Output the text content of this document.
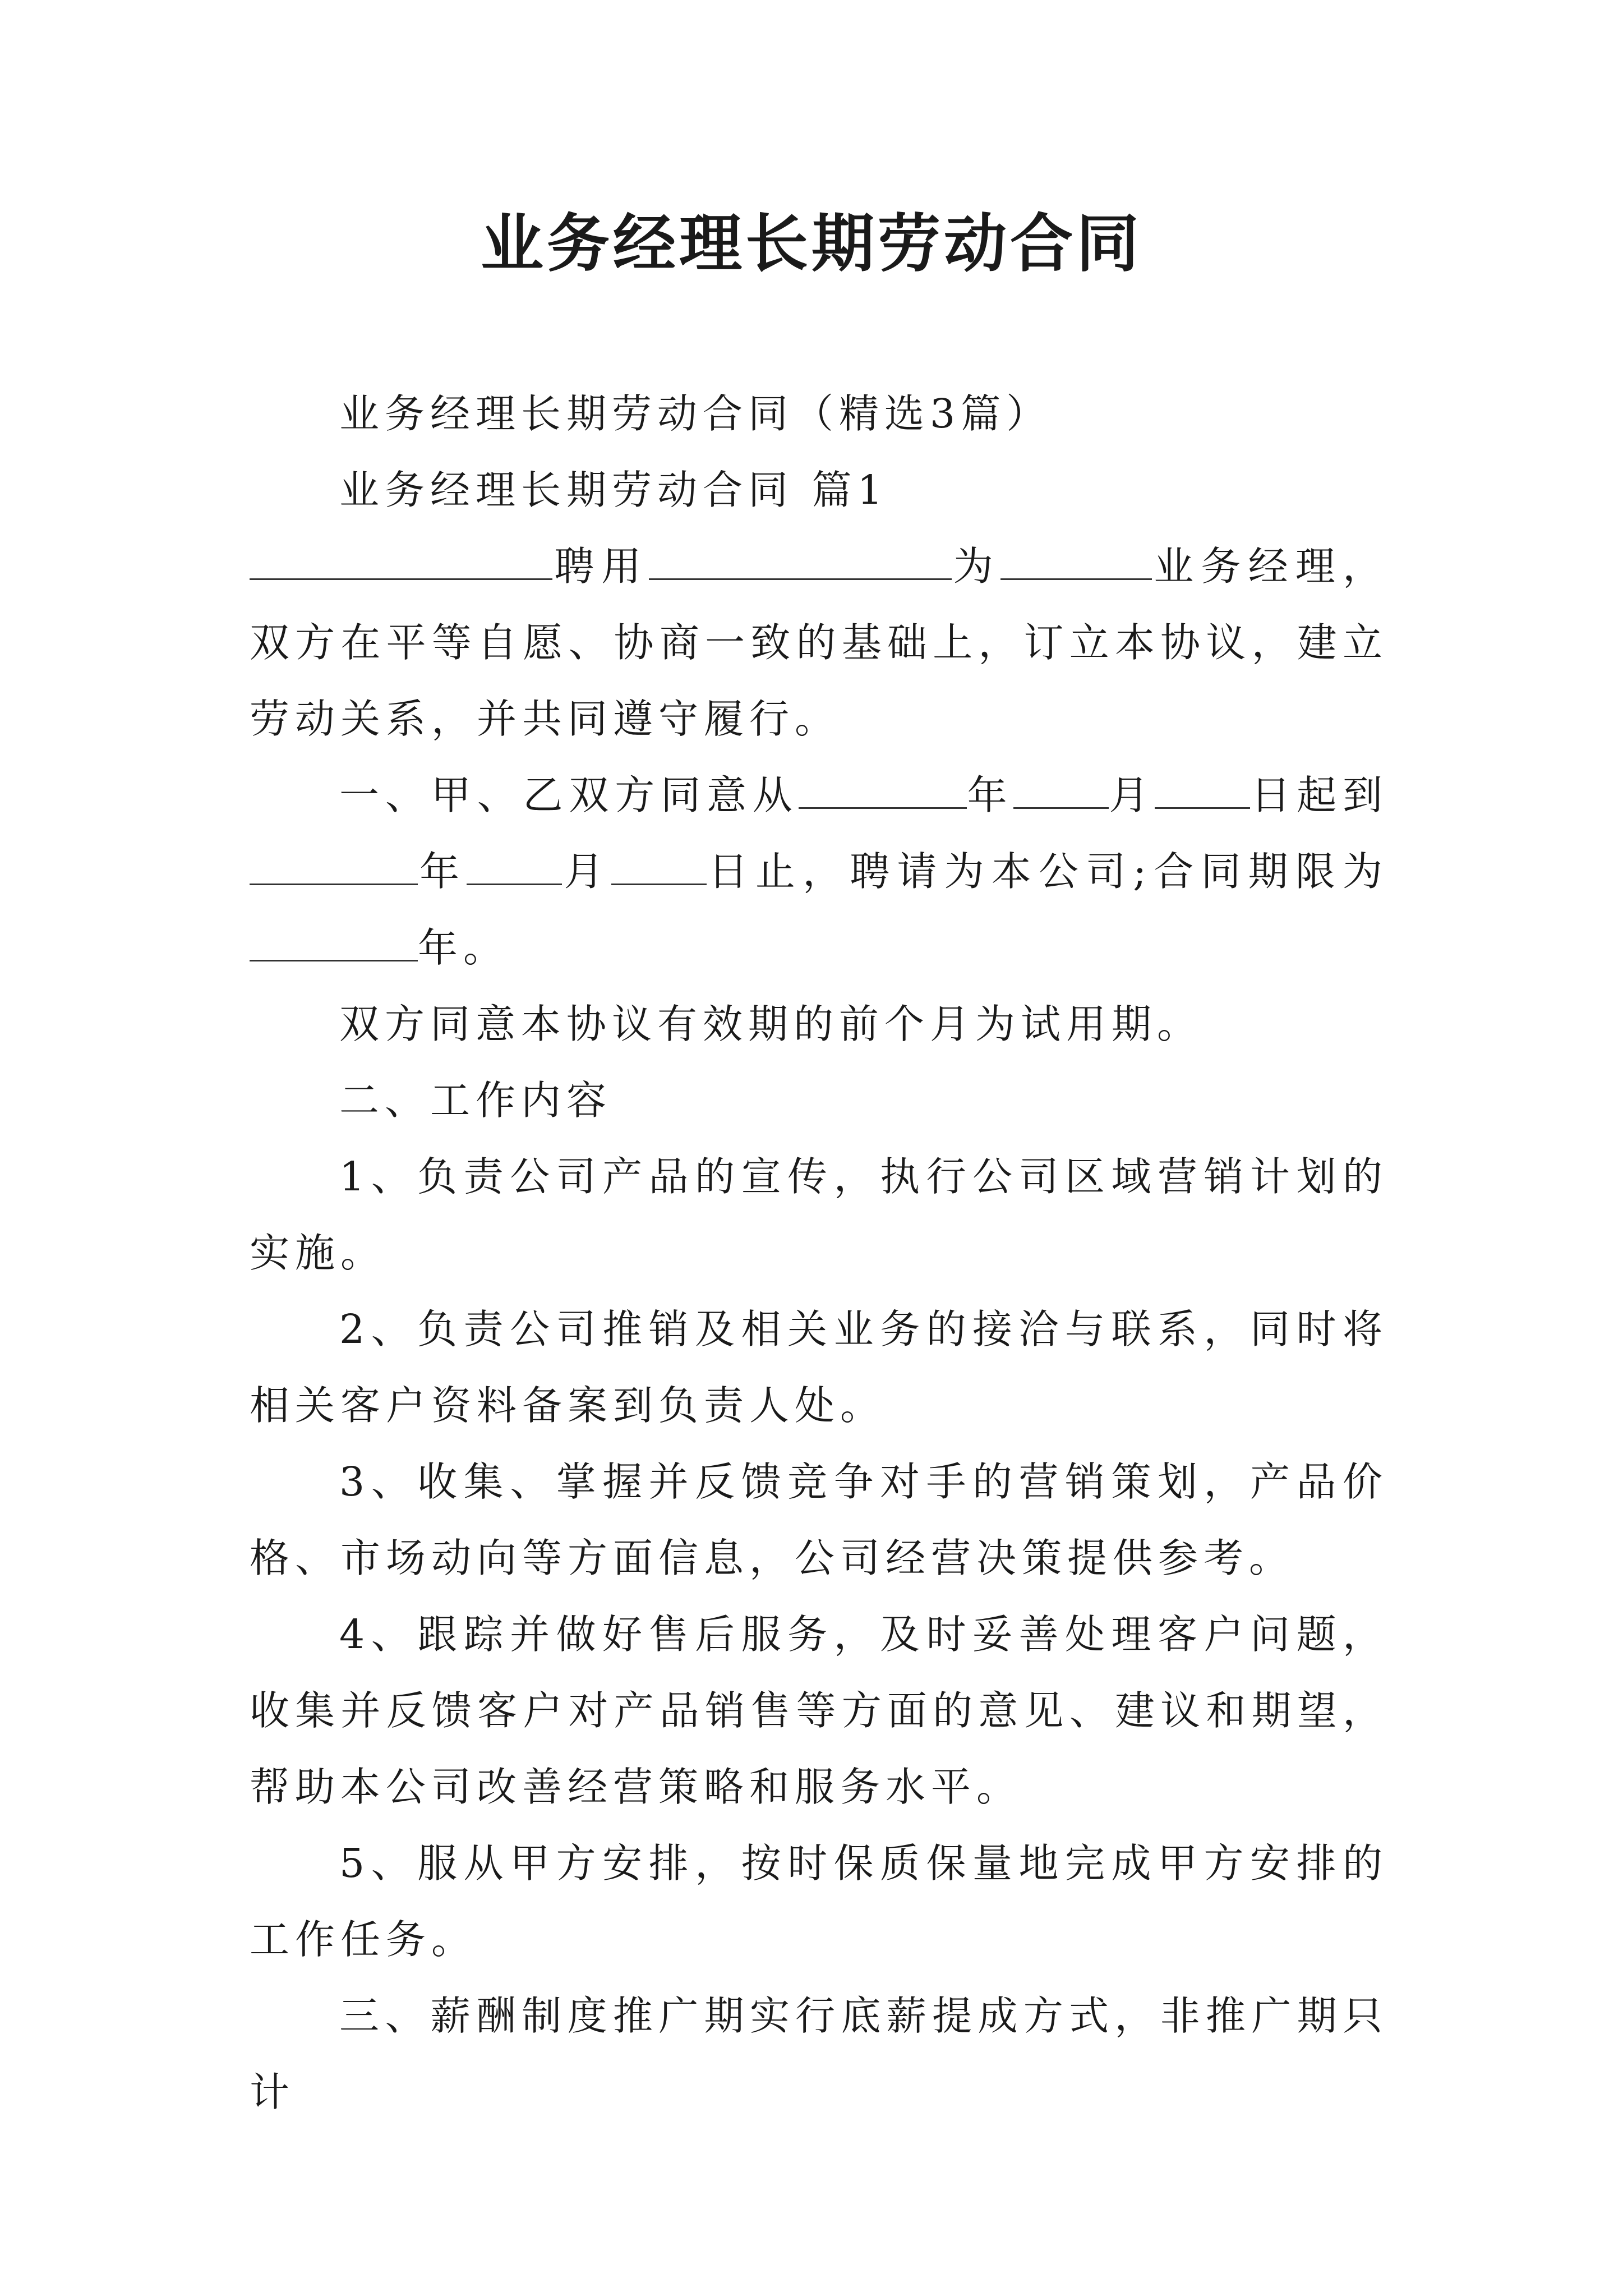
业务经理长期劳动合同

业务经理长期劳动合同（精选3篇）

业务经理长期劳动合同 篇1

聘用	为	业务经理，双方在平等自愿、协商一致的基础上，订立本协议，建立劳动关系，并共同遵守履行。

一、甲、乙双方同意从	年 月 日起到年 月 日止，聘请为本公司;合同期限为年。

双方同意本协议有效期的前个月为试用期。

二、工作内容

1、负责公司产品的宣传，执行公司区域营销计划的实施。

2、负责公司推销及相关业务的接洽与联系，同时将相关客户资料备案到负责人处。

3、收集、掌握并反馈竞争对手的营销策划，产品价格、市场动向等方面信息，公司经营决策提供参考。

4、跟踪并做好售后服务，及时妥善处理客户问题，收集并反馈客户对产品销售等方面的意见、建议和期望，帮助本公司改善经营策略和服务水平。

5、服从甲方安排，按时保质保量地完成甲方安排的工作任务。

三、薪酬制度推广期实行底薪提成方式，非推广期只计
